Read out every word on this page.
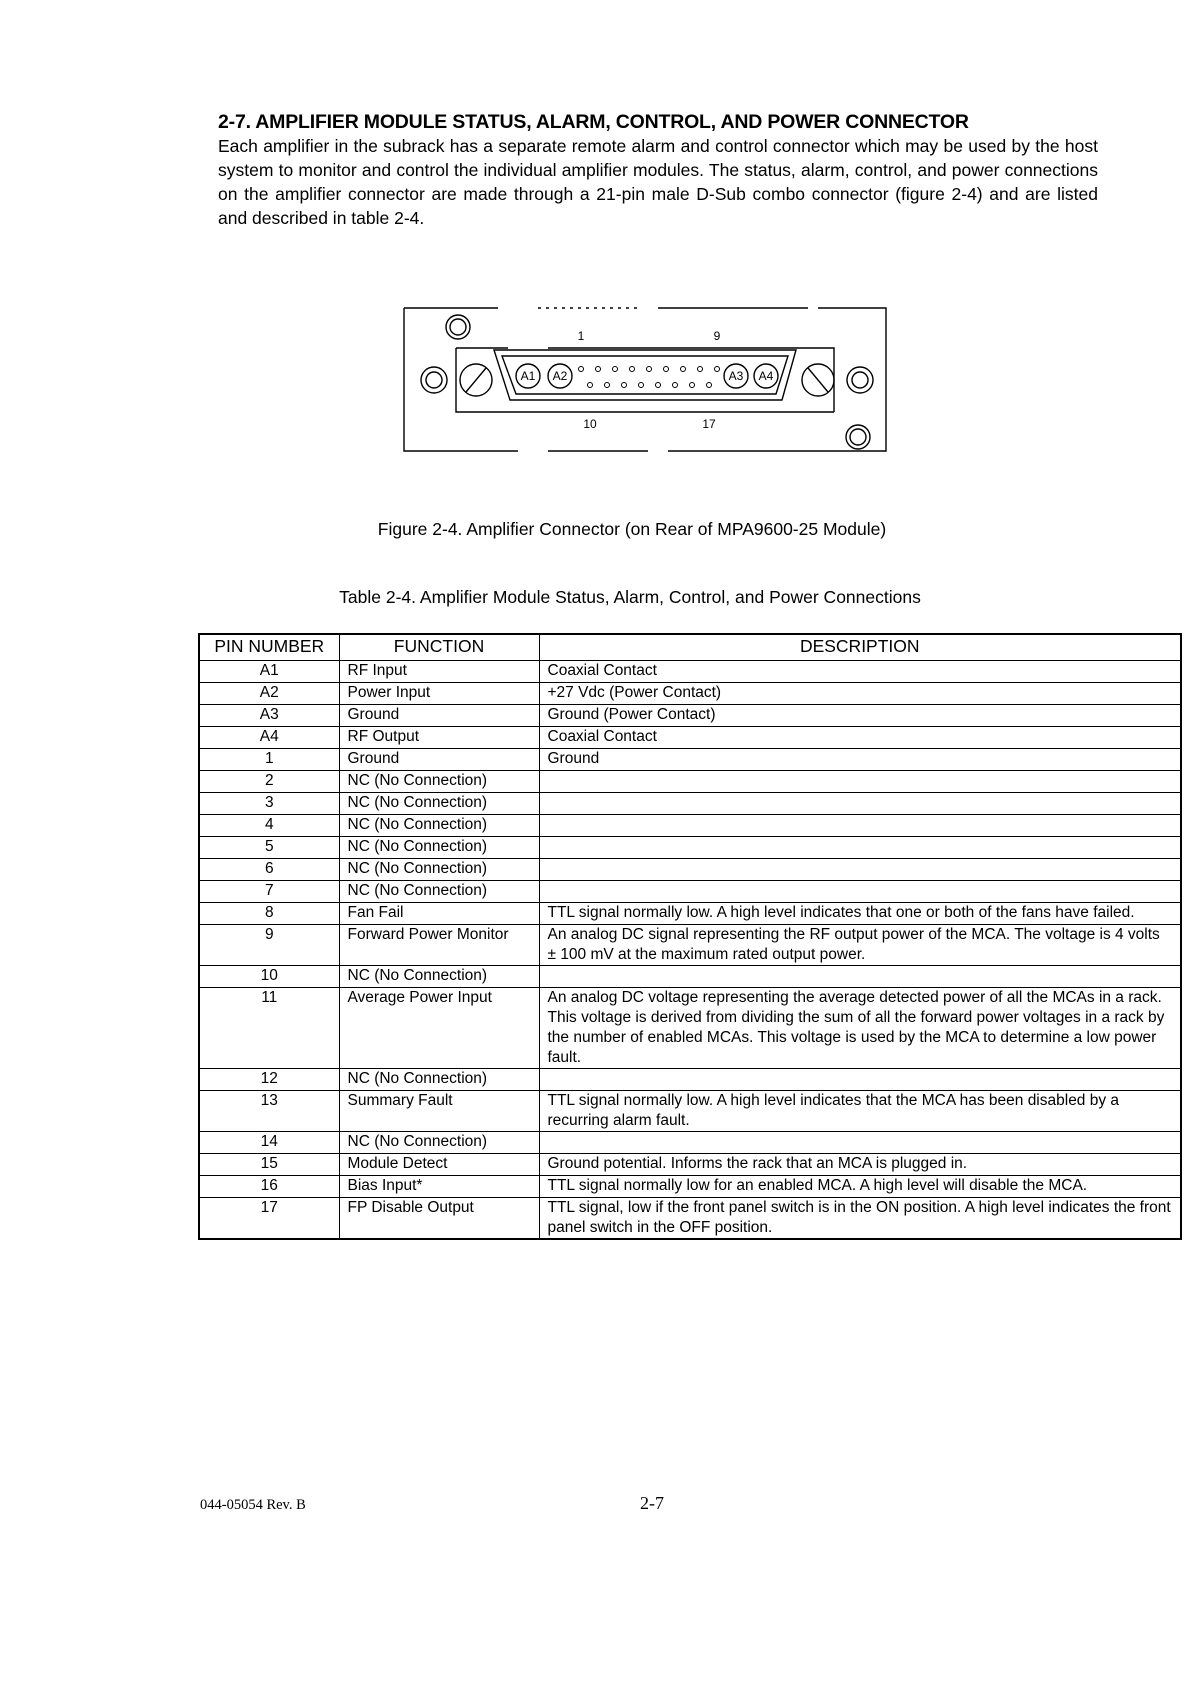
2-7. AMPLIFIER MODULE STATUS, ALARM, CONTROL, AND POWER CONNECTOR

Each amplifier in the subrack has a separate remote alarm and control connector which may be used by the host system to monitor and control the individual amplifier modules. The status, alarm, control, and power connections on the amplifier connector are made through a 21-pin male D-Sub combo connector (figure 2-4) and are listed and described in table 2-4.

A1 A2	A3 A4
1	9
10	17
Figure 2-4. Amplifier Connector (on Rear of MPA9600-25 Module)
Table 2-4. Amplifier Module Status, Alarm, Control, and Power Connections
PIN NUMBER	FUNCTION	DESCRIPTION
A1	RF Input	Coaxial Contact
A2	Power Input	+27 Vdc (Power Contact)
A3	Ground	Ground (Power Contact)
A4	RF Output	Coaxial Contact
1	Ground	Ground
2	NC (No Connection)	
3	NC (No Connection)	
4	NC (No Connection)	
5	NC (No Connection)	
6	NC (No Connection)	
7	NC (No Connection)	
8	Fan Fail	TTL signal normally low. A high level indicates that one or both of the fans have failed.
9	Forward Power Monitor	An analog DC signal representing the RF output power of the MCA. The voltage is 4 volts ± 100 mV at the maximum rated output power.
10	NC (No Connection)	
11	Average Power Input	An analog DC voltage representing the average detected power of all the MCAs in a rack. This voltage is derived from dividing the sum of all the forward power voltages in a rack by the number of enabled MCAs. This voltage is used by the MCA to determine a low power fault.
12	NC (No Connection)	
13	Summary Fault	TTL signal normally low. A high level indicates that the MCA has been disabled by a recurring alarm fault.
14	NC (No Connection)	
15	Module Detect	Ground potential. Informs the rack that an MCA is plugged in.
16	Bias Input*	TTL signal normally low for an enabled MCA. A high level will disable the MCA.
17	FP Disable Output	TTL signal, low if the front panel switch is in the ON position. A high level indicates the front panel switch in the OFF position.
044-05054 Rev. B	2-7
